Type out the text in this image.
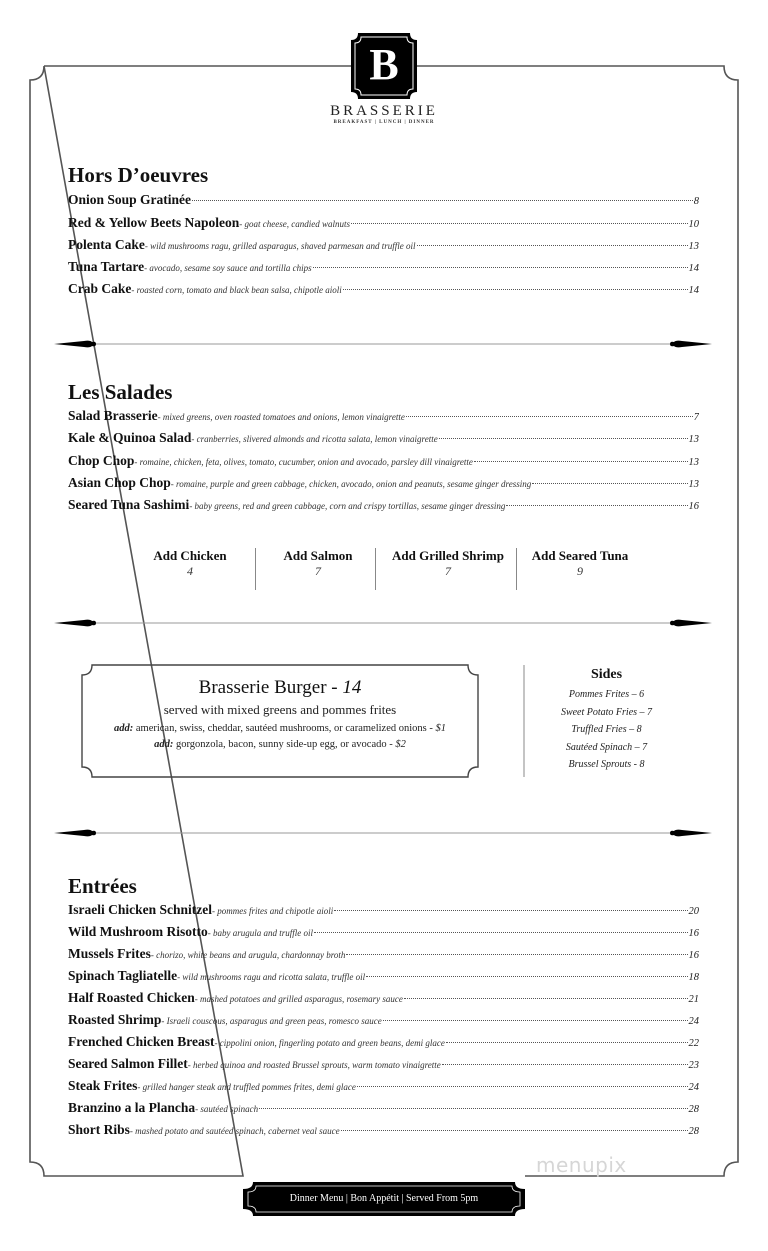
B
BRASSERIE
BREAKFAST | LUNCH | DINNER
Hors D’oeuvres
Onion Soup Gratinée	8
Red & Yellow Beets Napoleon - goat cheese, candied walnuts	10
Polenta Cake - wild mushrooms ragu, grilled asparagus, shaved parmesan and truffle oil	13
Tuna Tartare - avocado, sesame soy sauce and tortilla chips	14
Crab Cake - roasted corn, tomato and black bean salsa, chipotle aioli	14
Les Salades
Salad Brasserie - mixed greens, oven roasted tomatoes and onions, lemon vinaigrette	7
Kale & Quinoa Salad - cranberries, slivered almonds and ricotta salata, lemon vinaigrette	13
Chop Chop - romaine, chicken, feta, olives, tomato, cucumber, onion and avocado, parsley dill vinaigrette	13
Asian Chop Chop - romaine, purple and green cabbage, chicken, avocado, onion and peanuts, sesame ginger dressing	13
Seared Tuna Sashimi - baby greens, red and green cabbage, corn and crispy tortillas, sesame ginger dressing	16
Add Chicken
4
Add Salmon
7
Add Grilled Shrimp
7
Add Seared Tuna
9
Brasserie Burger - 14
served with mixed greens and pommes frites
add: american, swiss, cheddar, sautéed mushrooms, or caramelized onions - $1
add: gorgonzola, bacon, sunny side-up egg, or avocado - $2
Sides
Pommes Frites – 6
Sweet Potato Fries – 7
Truffled Fries – 8
Sautéed Spinach – 7
Brussel Sprouts - 8
Entrées
Israeli Chicken Schnitzel - pommes frites and chipotle aioli	20
Wild Mushroom Risotto - baby arugula and truffle oil	16
Mussels Frites - chorizo, white beans and arugula, chardonnay broth	16
Spinach Tagliatelle - wild mushrooms ragu and ricotta salata, truffle oil	18
Half Roasted Chicken - mashed potatoes and grilled asparagus, rosemary sauce	21
Roasted Shrimp - Israeli couscous, asparagus and green peas, romesco sauce	24
Frenched Chicken Breast - cippolini onion, fingerling potato and green beans, demi glace	22
Seared Salmon Fillet - herbed quinoa and roasted Brussel sprouts, warm tomato vinaigrette	23
Steak Frites - grilled hanger steak and truffled pommes frites, demi glace	24
Branzino a la Plancha - sautéed spinach	28
Short Ribs - mashed potato and sautéed spinach, cabernet veal sauce	28
menupix
Dinner Menu | Bon Appétit | Served From 5pm
